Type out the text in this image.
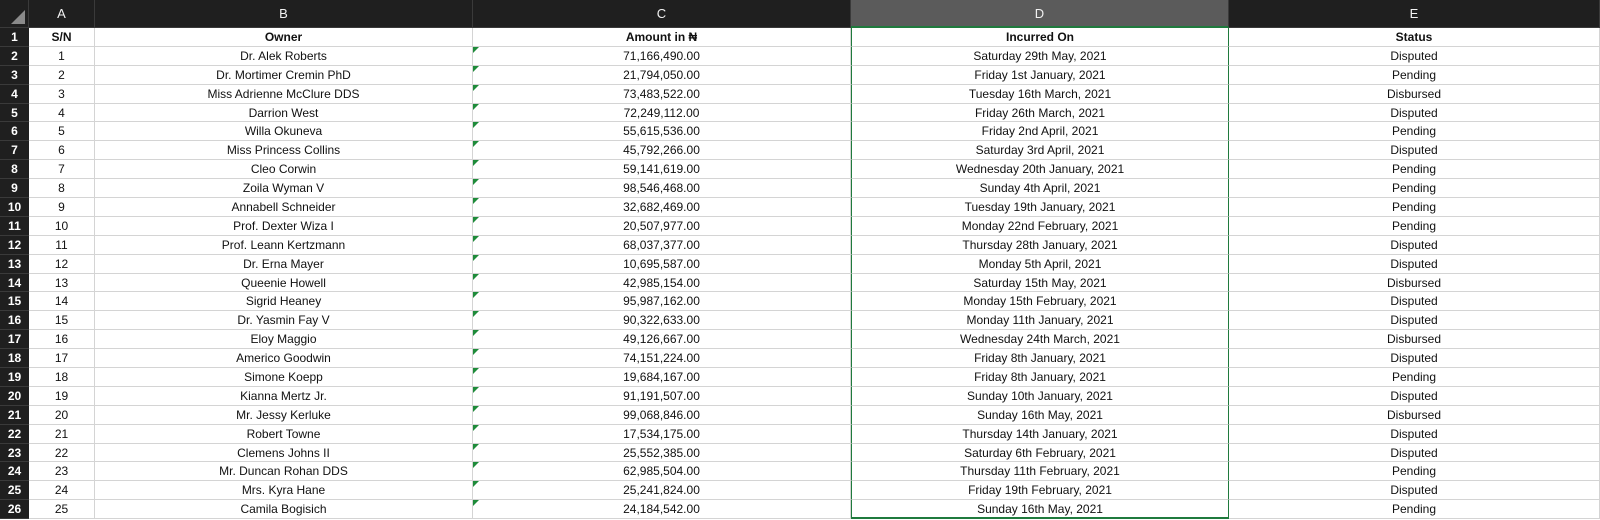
A	B	C	D	E
1	S/N	Owner	Amount in ₦	Incurred On	Status
2	1	Dr. Alek Roberts	71,166,490.00	Saturday 29th May, 2021	Disputed
3	2	Dr. Mortimer Cremin PhD	21,794,050.00	Friday 1st January, 2021	Pending
4	3	Miss Adrienne McClure DDS	73,483,522.00	Tuesday 16th March, 2021	Disbursed
5	4	Darrion West	72,249,112.00	Friday 26th March, 2021	Disputed
6	5	Willa Okuneva	55,615,536.00	Friday 2nd April, 2021	Pending
7	6	Miss Princess Collins	45,792,266.00	Saturday 3rd April, 2021	Disputed
8	7	Cleo Corwin	59,141,619.00	Wednesday 20th January, 2021	Pending
9	8	Zoila Wyman V	98,546,468.00	Sunday 4th April, 2021	Pending
10	9	Annabell Schneider	32,682,469.00	Tuesday 19th January, 2021	Pending
11	10	Prof. Dexter Wiza I	20,507,977.00	Monday 22nd February, 2021	Pending
12	11	Prof. Leann Kertzmann	68,037,377.00	Thursday 28th January, 2021	Disputed
13	12	Dr. Erna Mayer	10,695,587.00	Monday 5th April, 2021	Disputed
14	13	Queenie Howell	42,985,154.00	Saturday 15th May, 2021	Disbursed
15	14	Sigrid Heaney	95,987,162.00	Monday 15th February, 2021	Disputed
16	15	Dr. Yasmin Fay V	90,322,633.00	Monday 11th January, 2021	Disputed
17	16	Eloy Maggio	49,126,667.00	Wednesday 24th March, 2021	Disbursed
18	17	Americo Goodwin	74,151,224.00	Friday 8th January, 2021	Disputed
19	18	Simone Koepp	19,684,167.00	Friday 8th January, 2021	Pending
20	19	Kianna Mertz Jr.	91,191,507.00	Sunday 10th January, 2021	Disputed
21	20	Mr. Jessy Kerluke	99,068,846.00	Sunday 16th May, 2021	Disbursed
22	21	Robert Towne	17,534,175.00	Thursday 14th January, 2021	Disputed
23	22	Clemens Johns II	25,552,385.00	Saturday 6th February, 2021	Disputed
24	23	Mr. Duncan Rohan DDS	62,985,504.00	Thursday 11th February, 2021	Pending
25	24	Mrs. Kyra Hane	25,241,824.00	Friday 19th February, 2021	Disputed
26	25	Camila Bogisich	24,184,542.00	Sunday 16th May, 2021	Pending
